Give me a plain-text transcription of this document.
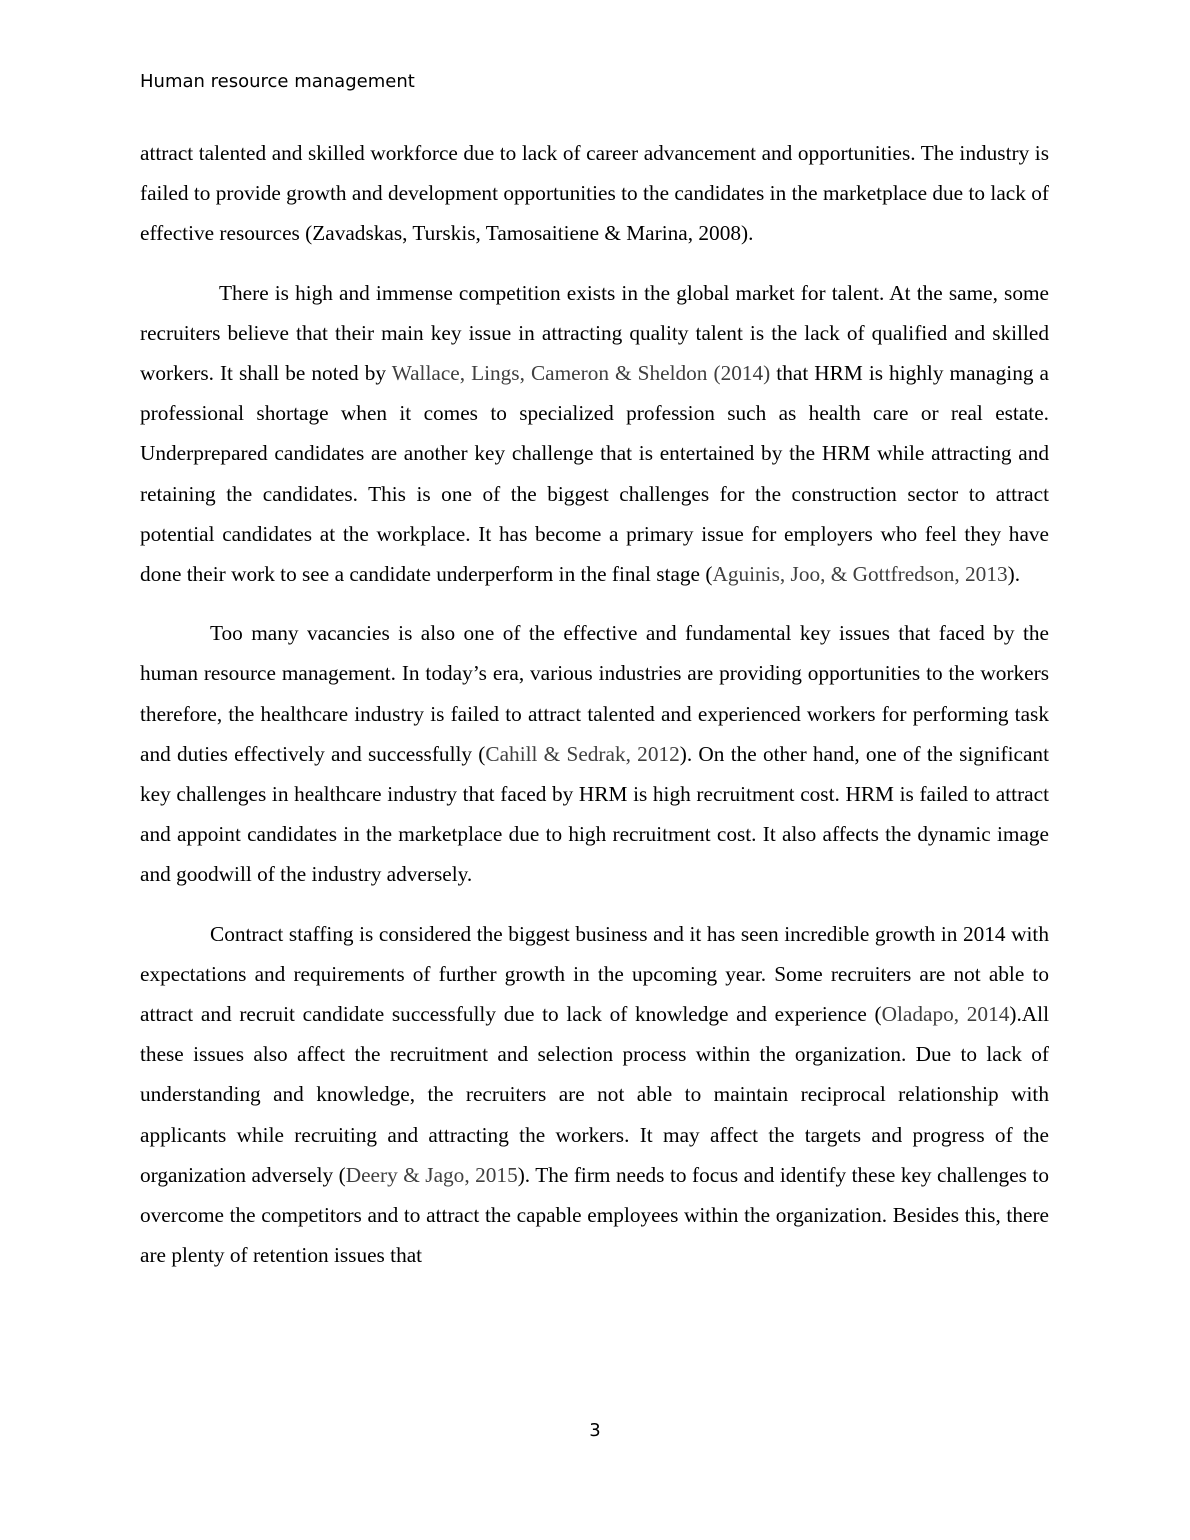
Human resource management

attract talented and skilled workforce due to lack of career advancement and opportunities. The industry is failed to provide growth and development opportunities to the candidates in the marketplace due to lack of effective resources (Zavadskas, Turskis, Tamosaitiene & Marina, 2008).

There is high and immense competition exists in the global market for talent. At the same, some recruiters believe that their main key issue in attracting quality talent is the lack of qualified and skilled workers. It shall be noted by Wallace, Lings, Cameron & Sheldon (2014) that HRM is highly managing a professional shortage when it comes to specialized profession such as health care or real estate. Underprepared candidates are another key challenge that is entertained by the HRM while attracting and retaining the candidates. This is one of the biggest challenges for the construction sector to attract potential candidates at the workplace. It has become a primary issue for employers who feel they have done their work to see a candidate underperform in the final stage (Aguinis, Joo, & Gottfredson, 2013).

Too many vacancies is also one of the effective and fundamental key issues that faced by the human resource management. In today’s era, various industries are providing opportunities to the workers therefore, the healthcare industry is failed to attract talented and experienced workers for performing task and duties effectively and successfully (Cahill & Sedrak, 2012). On the other hand, one of the significant key challenges in healthcare industry that faced by HRM is high recruitment cost. HRM is failed to attract and appoint candidates in the marketplace due to high recruitment cost. It also affects the dynamic image and goodwill of the industry adversely.

Contract staffing is considered the biggest business and it has seen incredible growth in 2014 with expectations and requirements of further growth in the upcoming year. Some recruiters are not able to attract and recruit candidate successfully due to lack of knowledge and experience (Oladapo, 2014).All these issues also affect the recruitment and selection process within the organization. Due to lack of understanding and knowledge, the recruiters are not able to maintain reciprocal relationship with applicants while recruiting and attracting the workers. It may affect the targets and progress of the organization adversely (Deery & Jago, 2015). The firm needs to focus and identify these key challenges to overcome the competitors and to attract the capable employees within the organization. Besides this, there are plenty of retention issues that

3
